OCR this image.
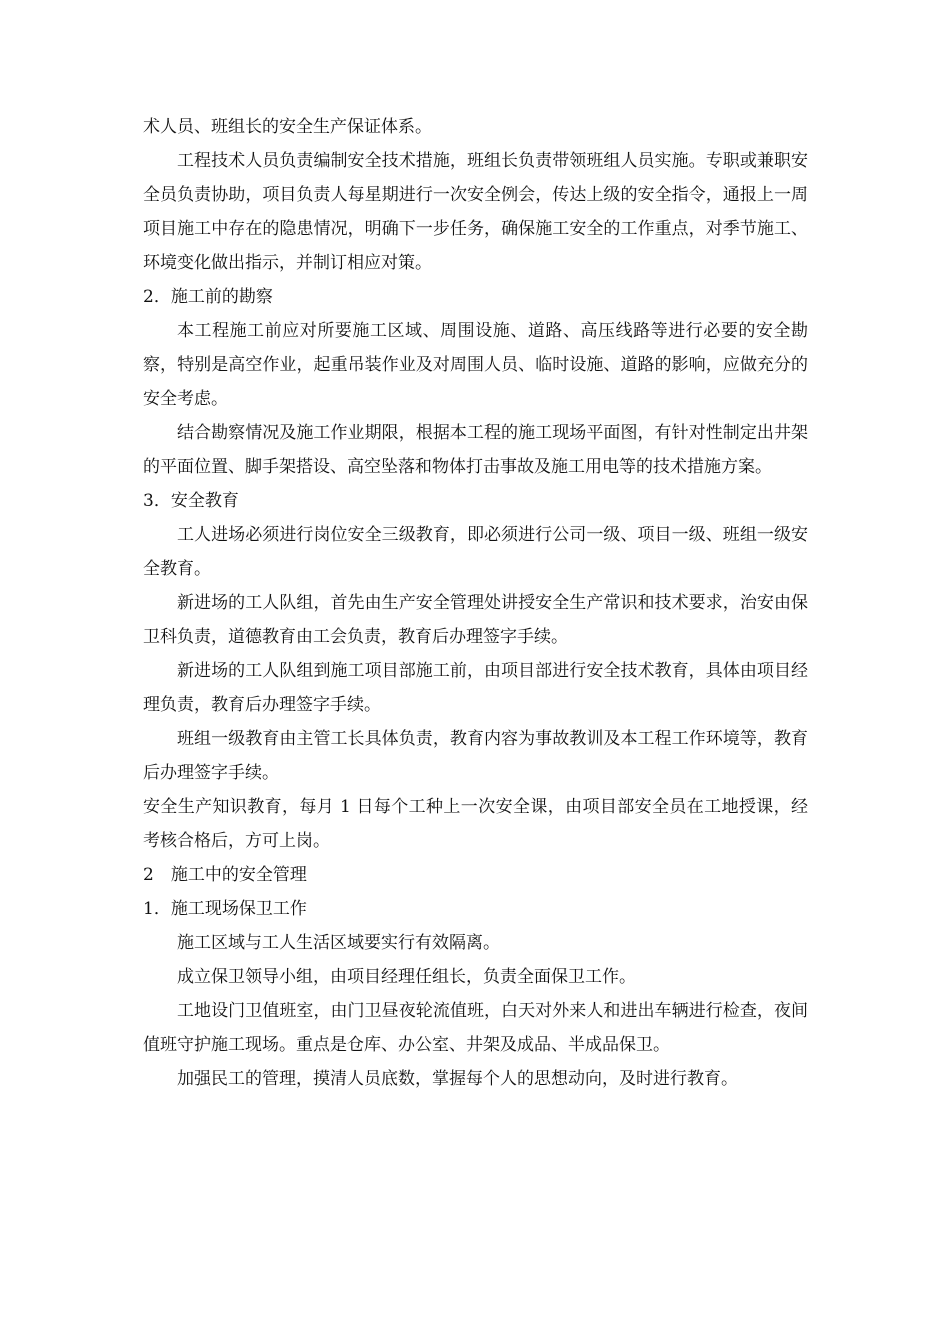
术人员、班组长的安全生产保证体系。

工程技术人员负责编制安全技术措施，班组长负责带领班组人员实施。专职或兼职安全员负责协助，项目负责人每星期进行一次安全例会，传达上级的安全指令，通报上一周项目施工中存在的隐患情况，明确下一步任务，确保施工安全的工作重点，对季节施工、环境变化做出指示，并制订相应对策。

2．施工前的勘察

本工程施工前应对所要施工区域、周围设施、道路、高压线路等进行必要的安全勘察，特别是高空作业，起重吊装作业及对周围人员、临时设施、道路的影响，应做充分的安全考虑。

结合勘察情况及施工作业期限，根据本工程的施工现场平面图，有针对性制定出井架的平面位置、脚手架搭设、高空坠落和物体打击事故及施工用电等的技术措施方案。

3．安全教育

工人进场必须进行岗位安全三级教育，即必须进行公司一级、项目一级、班组一级安全教育。

新进场的工人队组，首先由生产安全管理处讲授安全生产常识和技术要求，治安由保卫科负责，道德教育由工会负责，教育后办理签字手续。

新进场的工人队组到施工项目部施工前，由项目部进行安全技术教育，具体由项目经理负责，教育后办理签字手续。

班组一级教育由主管工长具体负责，教育内容为事故教训及本工程工作环境等，教育后办理签字手续。

安全生产知识教育，每月 1 日每个工种上一次安全课，由项目部安全员在工地授课，经考核合格后，方可上岗。

2　施工中的安全管理

1．施工现场保卫工作

施工区域与工人生活区域要实行有效隔离。

成立保卫领导小组，由项目经理任组长，负责全面保卫工作。

工地设门卫值班室，由门卫昼夜轮流值班，白天对外来人和进出车辆进行检查，夜间值班守护施工现场。重点是仓库、办公室、井架及成品、半成品保卫。

加强民工的管理，摸清人员底数，掌握每个人的思想动向，及时进行教育。
